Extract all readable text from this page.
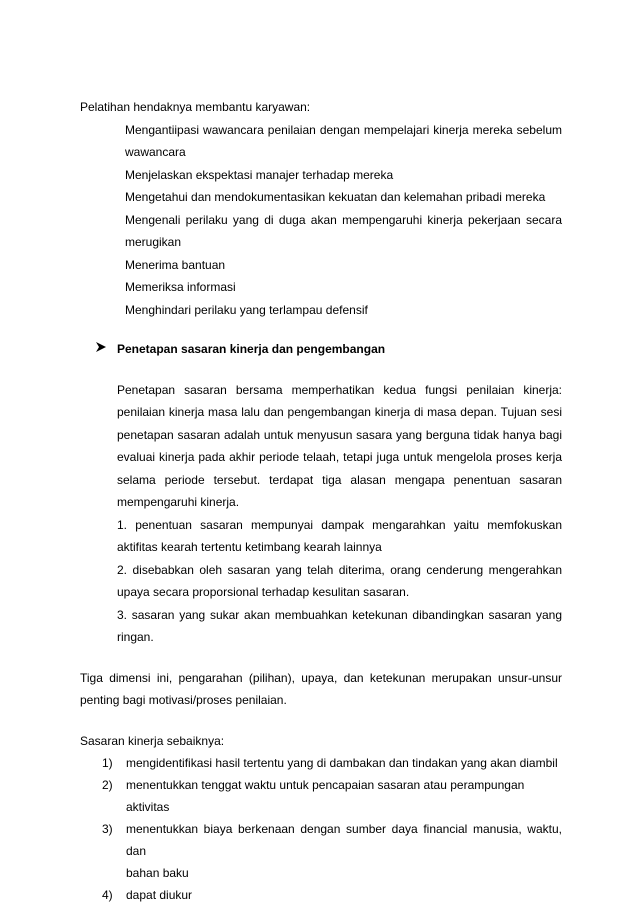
Pelatihan hendaknya membantu karyawan:
Mengantiipasi wawancara penilaian dengan mempelajari kinerja mereka sebelum
wawancara
Menjelaskan ekspektasi manajer terhadap mereka
Mengetahui dan mendokumentasikan kekuatan dan kelemahan pribadi mereka
Mengenali perilaku yang di duga akan mempengaruhi kinerja pekerjaan secara
merugikan
Menerima bantuan
Memeriksa informasi
Menghindari perilaku yang terlampau defensif
Penetapan sasaran kinerja dan pengembangan
Penetapan sasaran bersama memperhatikan kedua fungsi penilaian kinerja:
penilaian kinerja masa lalu dan pengembangan kinerja di masa depan. Tujuan sesi
penetapan sasaran adalah untuk menyusun sasara yang berguna tidak hanya bagi
evaluai kinerja pada akhir periode telaah, tetapi juga untuk mengelola proses kerja
selama periode tersebut. terdapat tiga alasan mengapa penentuan sasaran
mempengaruhi kinerja.
1. penentuan sasaran mempunyai dampak mengarahkan yaitu memfokuskan
aktifitas kearah tertentu ketimbang kearah lainnya
2. disebabkan oleh sasaran yang telah diterima, orang cenderung mengerahkan
upaya secara proporsional terhadap kesulitan sasaran.
3. sasaran yang sukar akan membuahkan ketekunan dibandingkan sasaran yang
ringan.
Tiga dimensi ini, pengarahan (pilihan), upaya, dan ketekunan merupakan unsur-unsur
penting bagi motivasi/proses penilaian.
Sasaran kinerja sebaiknya:
1)	mengidentifikasi hasil tertentu yang di dambakan dan tindakan yang akan diambil
2)	menentukkan tenggat waktu untuk pencapaian sasaran atau perampungan aktivitas
3)	menentukkan biaya berkenaan dengan sumber daya financial manusia, waktu, dan
bahan baku
4)	dapat diukur
